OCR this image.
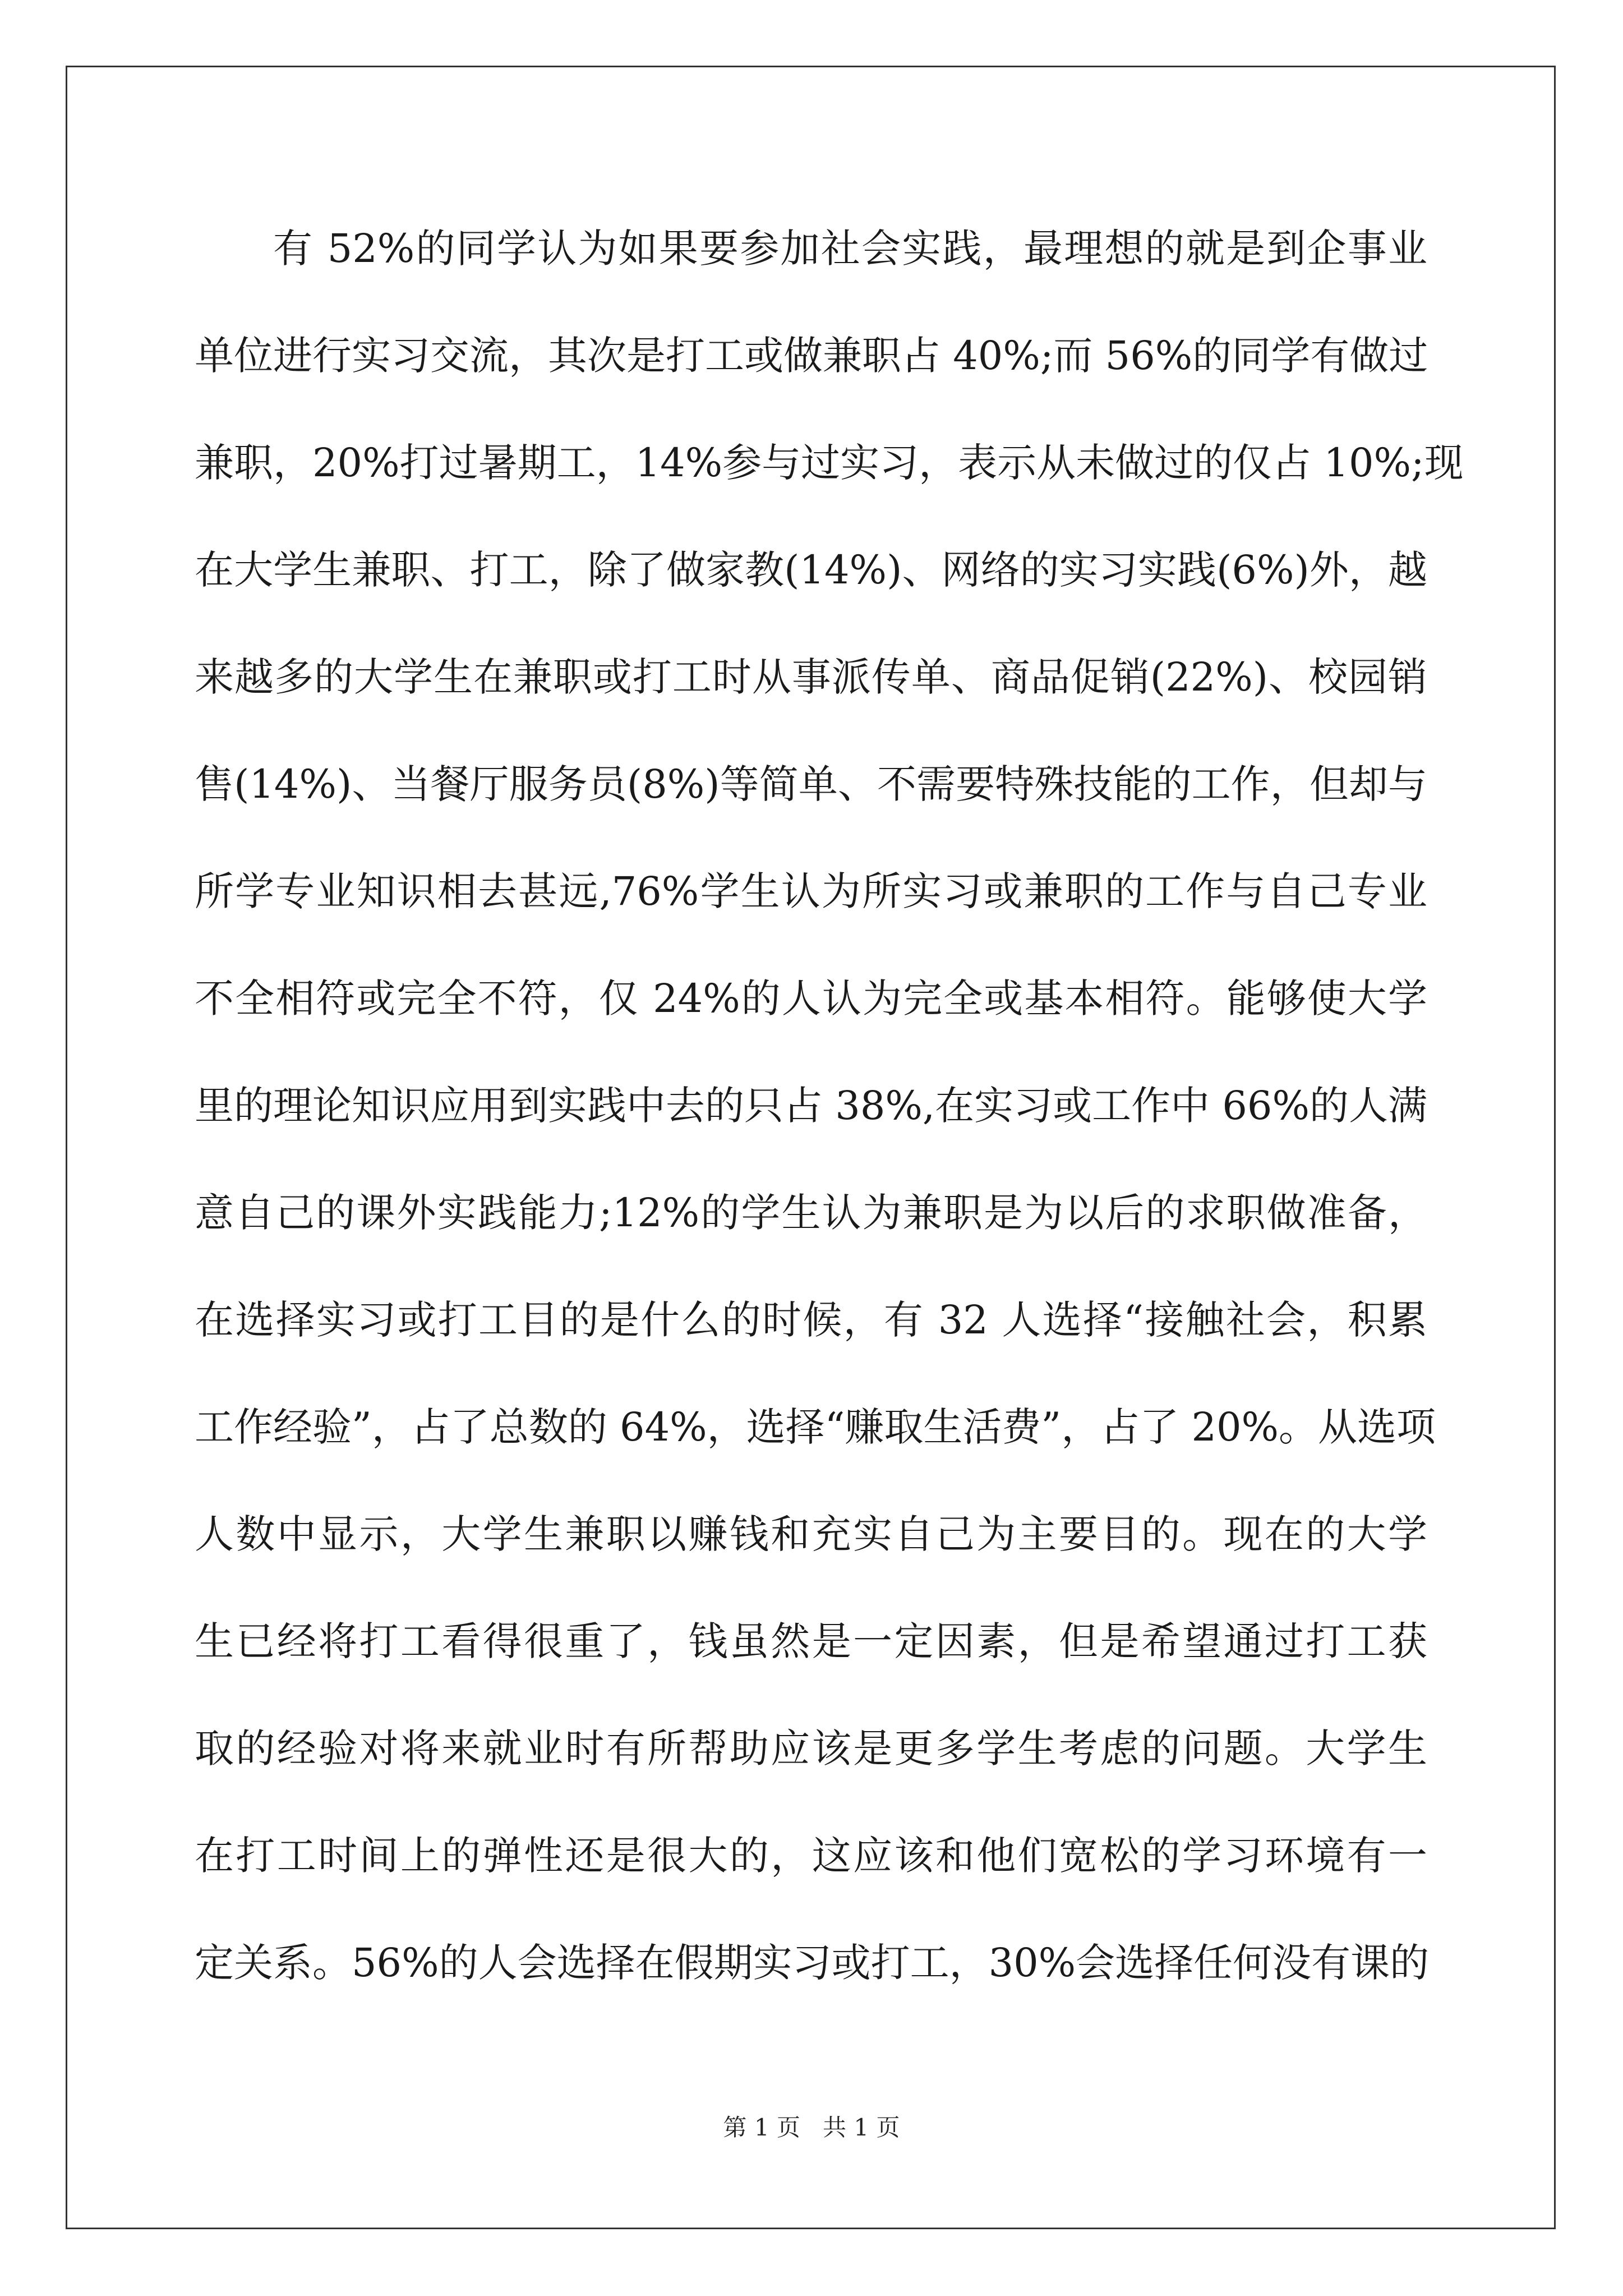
有 52%的同学认为如果要参加社会实践，最理想的就是到企事业
单位进行实习交流，其次是打工或做兼职占 40%;而 56%的同学有做过
兼职，20%打过暑期工，14%参与过实习，表示从未做过的仅占 10%;现
在大学生兼职、打工，除了做家教(14%)、网络的实习实践(6%)外，越
来越多的大学生在兼职或打工时从事派传单、商品促销(22%)、校园销
售(14%)、当餐厅服务员(8%)等简单、不需要特殊技能的工作，但却与
所学专业知识相去甚远,76%学生认为所实习或兼职的工作与自己专业
不全相符或完全不符，仅 24%的人认为完全或基本相符。能够使大学
里的理论知识应用到实践中去的只占 38%,在实习或工作中 66%的人满
意自己的课外实践能力;12%的学生认为兼职是为以后的求职做准备，
在选择实习或打工目的是什么的时候，有 32 人选择“接触社会，积累
工作经验”，占了总数的 64%，选择“赚取生活费”，占了 20%。从选项
人数中显示，大学生兼职以赚钱和充实自己为主要目的。现在的大学
生已经将打工看得很重了，钱虽然是一定因素，但是希望通过打工获
取的经验对将来就业时有所帮助应该是更多学生考虑的问题。大学生
在打工时间上的弹性还是很大的，这应该和他们宽松的学习环境有一
定关系。56%的人会选择在假期实习或打工，30%会选择任何没有课的
第 1 页   共 1 页
